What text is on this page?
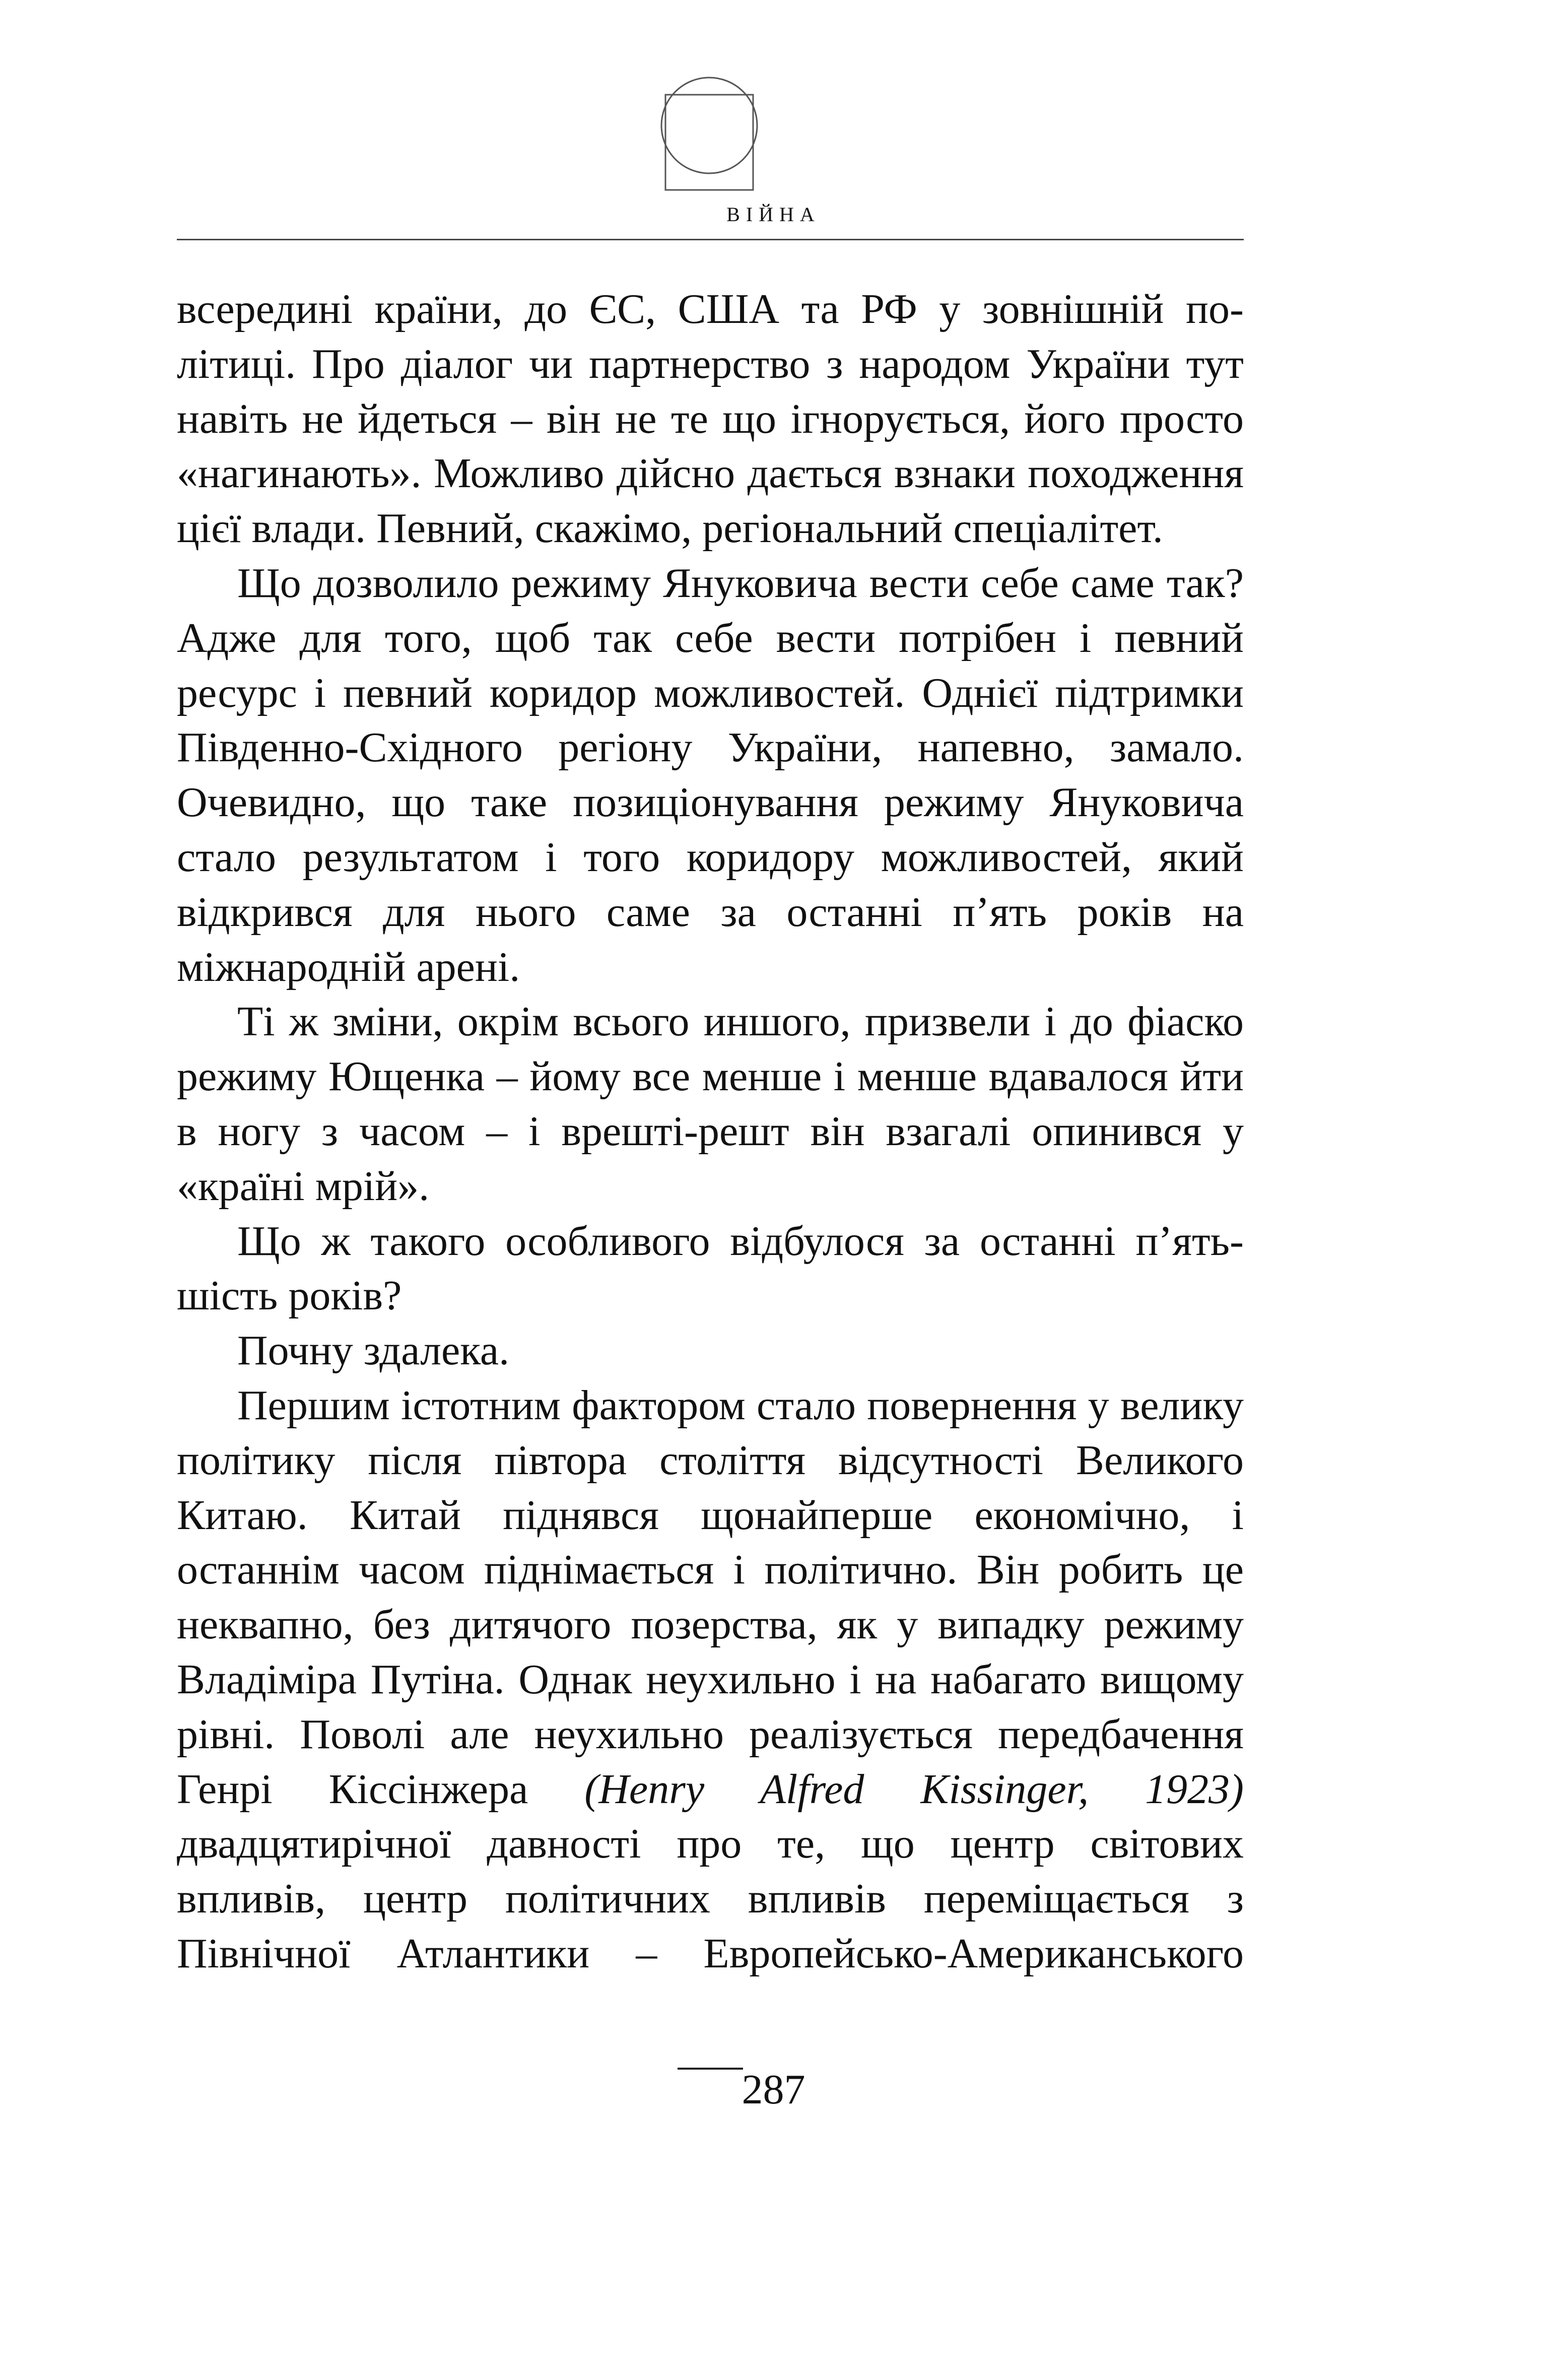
ВІЙНА

всередині країни, до ЄС, США та РФ у зовнішній політиці. Про діалог чи партнерство з народом України тут навіть не йдеться – він не те що ігнорується, його просто «нагинають». Можливо дійсно дається взнаки походження цієї влади. Певний, скажімо, регіональний спеціалітет.

Що дозволило режиму Януковича вести себе саме так? Адже для того, щоб так себе вести потрібен і певний ресурс і певний коридор можливостей. Однієї підтримки Південно-Східного регіону України, напевно, замало. Очевидно, що таке позиціонування режиму Януковича стало результатом і того коридору можливостей, який відкрився для нього саме за останні п’ять років на міжнародній арені.

Ті ж зміни, окрім всього иншого, призвели і до фіаско режиму Ющенка – йому все менше і менше вдавалося йти в ногу з часом – і врешті-решт він взагалі опинився у «країні мрій».

Що ж такого особливого відбулося за останні п’ять-шість років?

Почну здалека.

Першим істотним фактором стало повернення у велику політику після півтора століття відсутності Великого Китаю. Китай піднявся щонайперше економічно, і останнім часом піднімається і політично. Він робить це неквапно, без дитячого позерства, як у випадку режиму Владіміра Путіна. Однак неухильно і на набагато вищому рівні. Поволі але неухильно реалізується передбачення Генрі Кіссінжера (Henry Alfred Kissinger, 1923) двадцятирічної давності про те, що центр світових впливів, центр політичних впливів переміщається з Північної Атлантики – Европейсько-Американського

287
